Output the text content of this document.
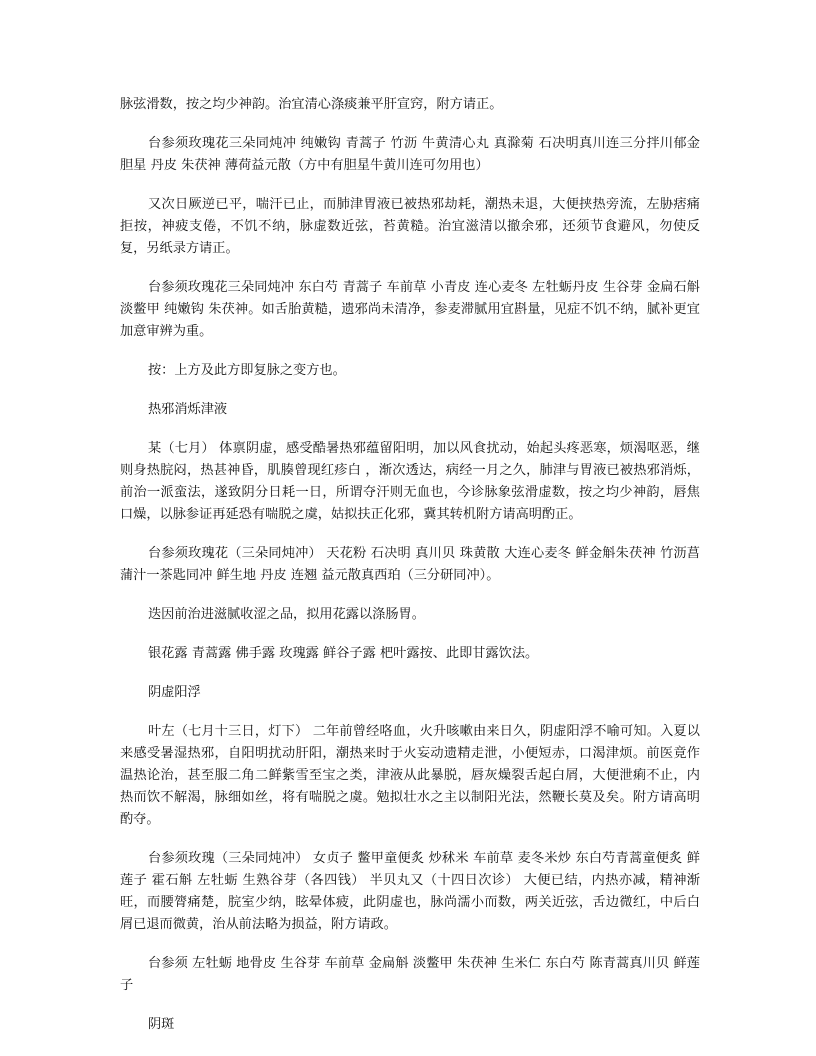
脉弦滑数，按之均少神韵。治宜清心涤痰兼平肝宣窍，附方请正。

台参须玫瑰花三朵同炖冲 纯嫩钩 青蒿子 竹沥 牛黄清心丸 真滁菊 石决明真川连三分拌川郁金 胆星 丹皮 朱茯神 薄荷益元散（方中有胆星牛黄川连可勿用也）

又次日厥逆已平，喘汗已止，而肺津胃液已被热邪劫耗，潮热未退，大便挟热旁流，左胁痞痛拒按，神疲支倦，不饥不纳，脉虚数近弦，苔黄糙。治宜滋清以撤余邪，还须节食避风，勿使反复，另纸录方请正。

台参须玫瑰花三朵同炖冲 东白芍 青蒿子 车前草 小青皮 连心麦冬 左牡蛎丹皮 生谷芽 金扁石斛 淡鳖甲 纯嫩钩 朱茯神。如舌胎黄糙，遗邪尚未清净，参麦滞腻用宜斟量，见症不饥不纳，腻补更宜加意审辨为重。

按：上方及此方即复脉之变方也。

热邪消烁津液

某（七月） 体禀阴虚，感受酷暑热邪蕴留阳明，加以风食扰动，始起头疼恶寒，烦渴呕恶，继则身热脘闷，热甚神昏，肌腠曾现红疹白 ，渐次透达，病经一月之久，肺津与胃液已被热邪消烁，前治一派蛮法，遂致阴分日耗一日，所谓夺汗则无血也，今诊脉象弦滑虚数，按之均少神韵，唇焦口燥，以脉参证再延恐有喘脱之虞，姑拟扶正化邪，冀其转机附方请高明酌正。

台参须玫瑰花（三朵同炖冲） 天花粉 石决明 真川贝 珠黄散 大连心麦冬 鲜金斛朱茯神 竹沥菖蒲汁一茶匙同冲 鲜生地 丹皮 连翘 益元散真西珀（三分研同冲）。

迭因前治进滋腻收涩之品，拟用花露以涤肠胃。

银花露 青蒿露 佛手露 玫瑰露 鲜谷子露 杷叶露按、此即甘露饮法。

阴虚阳浮

叶左（七月十三日，灯下） 二年前曾经咯血，火升咳嗽由来日久，阴虚阳浮不喻可知。入夏以来感受暑湿热邪，自阳明扰动肝阳，潮热来时于火妄动遗精走泄，小便短赤，口渴津烦。前医竟作温热论治，甚至服二角二鲜紫雪至宝之类，津液从此暴脱，唇灰燥裂舌起白屑，大便泄痢不止，内热而饮不解渴，脉细如丝，将有喘脱之虞。勉拟壮水之主以制阳光法，然鞭长莫及矣。附方请高明酌夺。

台参须玫瑰（三朵同炖冲） 女贞子 鳖甲童便炙 炒秫米 车前草 麦冬米炒 东白芍青蒿童便炙 鲜莲子 霍石斛 左牡蛎 生熟谷芽（各四钱） 半贝丸又（十四日次诊） 大便已结，内热亦减，精神渐旺，而腰膂痛楚，脘室少纳，眩晕体疲，此阴虚也，脉尚濡小而数，两关近弦，舌边微红，中后白屑已退而微黄，治从前法略为损益，附方请政。

台参须 左牡蛎 地骨皮 生谷芽 车前草 金扁斛 淡鳖甲 朱茯神 生米仁 东白芍 陈青蒿真川贝 鲜莲子

阴斑
